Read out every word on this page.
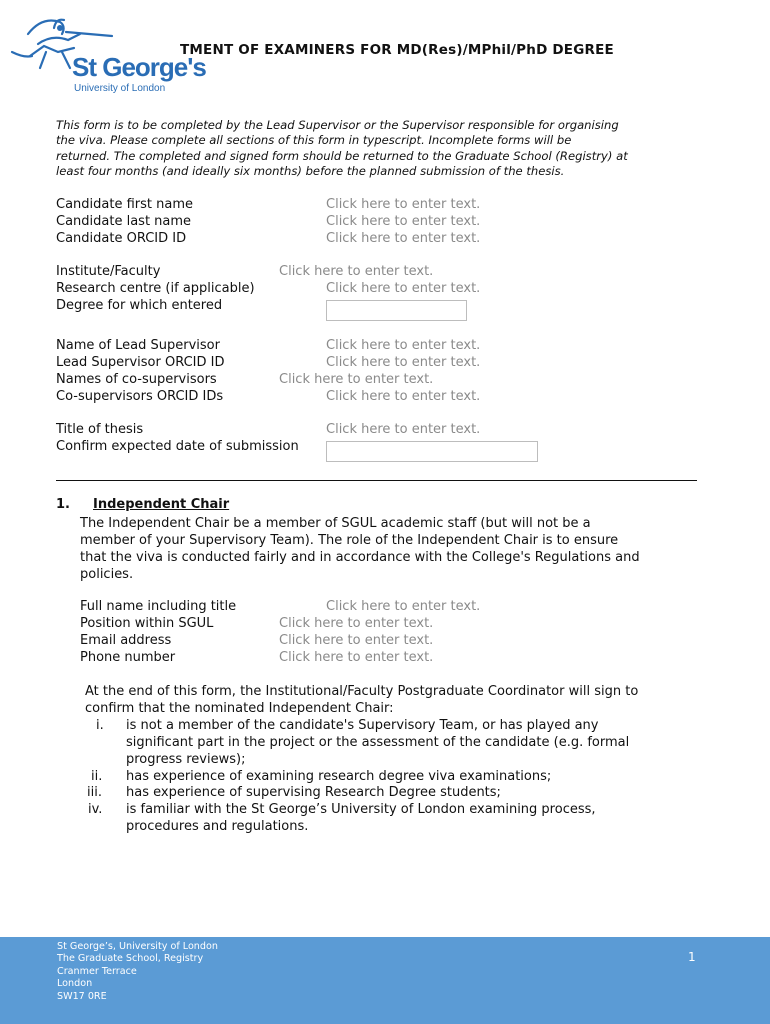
St George's
University of London
TMENT OF EXAMINERS FOR MD(Res)/MPhil/PhD DEGREE
This form is to be completed by the Lead Supervisor or the Supervisor responsible for organising
the viva. Please complete all sections of this form in typescript. Incomplete forms will be
returned. The completed and signed form should be returned to the Graduate School (Registry) at
least four months (and ideally six months) before the planned submission of the thesis.
Candidate first name	Click here to enter text.
Candidate last name	Click here to enter text.
Candidate ORCID ID	Click here to enter text.
Institute/Faculty	Click here to enter text.
Research centre (if applicable)	Click here to enter text.
Degree for which entered
Name of Lead Supervisor	Click here to enter text.
Lead Supervisor ORCID ID	Click here to enter text.
Names of co-supervisors	Click here to enter text.
Co-supervisors ORCID IDs	Click here to enter text.
Title of thesis	Click here to enter text.
Confirm expected date of submission
1. Independent Chair
The Independent Chair be a member of SGUL academic staff (but will not be a
member of your Supervisory Team). The role of the Independent Chair is to ensure
that the viva is conducted fairly and in accordance with the College's Regulations and
policies.
Full name including title	Click here to enter text.
Position within SGUL	Click here to enter text.
Email address	Click here to enter text.
Phone number	Click here to enter text.
At the end of this form, the Institutional/Faculty Postgraduate Coordinator will sign to
confirm that the nominated Independent Chair:
i. is not a member of the candidate's Supervisory Team, or has played any
significant part in the project or the assessment of the candidate (e.g. formal
progress reviews);
ii. has experience of examining research degree viva examinations;
iii. has experience of supervising Research Degree students;
iv. is familiar with the St George’s University of London examining process,
procedures and regulations.
St George’s, University of London
The Graduate School, Registry
Cranmer Terrace
London
SW17 0RE
1
